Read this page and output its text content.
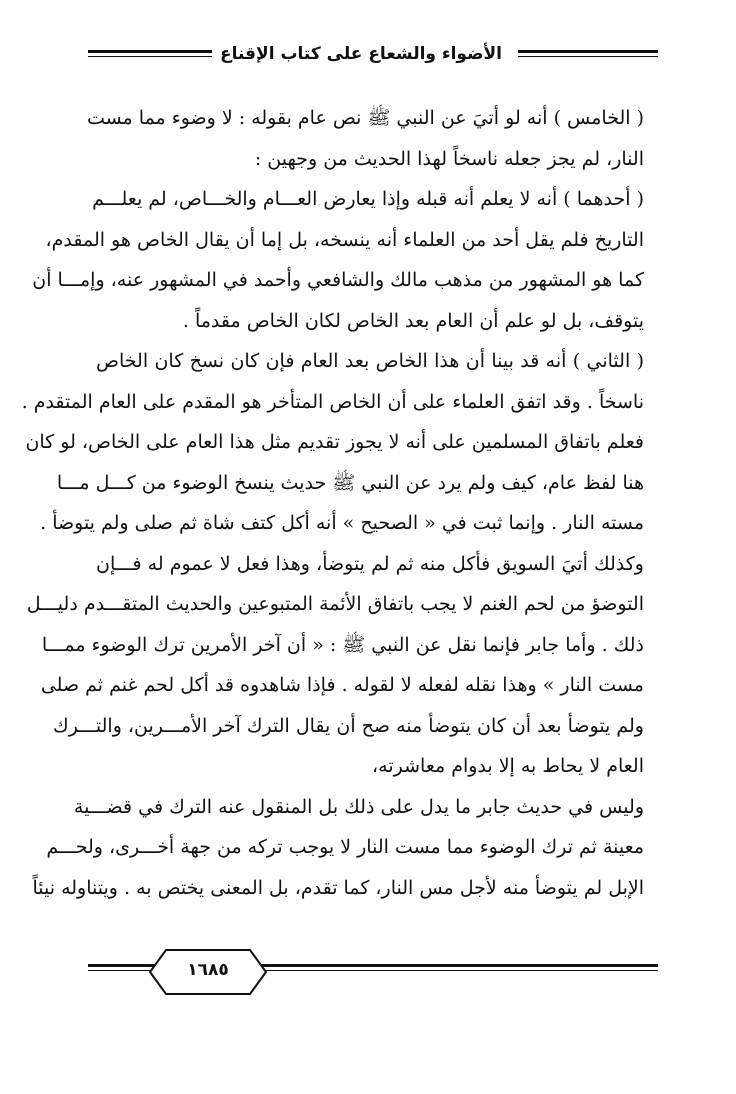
الأضواء والشعاع على كتاب الإقناع

( الخامس ) أنه لو أتيَ عن النبي ﷺ نص عام بقوله : لا وضوء مما مست
النار، لم يجز جعله ناسخاً لهذا الحديث من وجهين :

( أحدهما ) أنه لا يعلم أنه قبله وإذا يعارض العـــام والخـــاص، لم يعلـــم
التاريخ فلم يقل أحد من العلماء أنه ينسخه، بل إما أن يقال الخاص هو المقدم،
كما هو المشهور من مذهب مالك والشافعي وأحمد في المشهور عنه، وإمـــا أن
يتوقف، بل لو علم أن العام بعد الخاص لكان الخاص مقدماً .

( الثاني ) أنه قد بينا أن هذا الخاص بعد العام فإن كان نسخ كان الخاص
ناسخاً . وقد اتفق العلماء على أن الخاص المتأخر هو المقدم على العام المتقدم .
فعلم باتفاق المسلمين على أنه لا يجوز تقديم مثل هذا العام على الخاص، لو كان
هنا لفظ عام، كيف ولم يرد عن النبي ﷺ حديث ينسخ الوضوء من كـــل مـــا
مسته النار . وإنما ثبت في « الصحيح » أنه أكل كتف شاة ثم صلى ولم يتوضأ .

وكذلك أتيَ السويق فأكل منه ثم لم يتوضأ، وهذا فعل لا عموم له فـــإن
التوضؤ من لحم الغنم لا يجب باتفاق الأئمة المتبوعين والحديث المتقـــدم دليـــل
ذلك . وأما جابر فإنما نقل عن النبي ﷺ : « أن آخر الأمرين ترك الوضوء ممـــا
مست النار » وهذا نقله لفعله لا لقوله . فإذا شاهدوه قد أكل لحم غنم ثم صلى
ولم يتوضأ بعد أن كان يتوضأ منه صح أن يقال الترك آخر الأمـــرين، والتـــرك
العام لا يحاط به إلا بدوام معاشرته،

وليس في حديث جابر ما يدل على ذلك بل المنقول عنه الترك في قضـــية
معينة ثم ترك الوضوء مما مست النار لا يوجب تركه من جهة أخـــرى، ولحـــم
الإبل لم يتوضأ منه لأجل مس النار، كما تقدم، بل المعنى يختص به . ويتناوله نيئاً

١٦٨٥
